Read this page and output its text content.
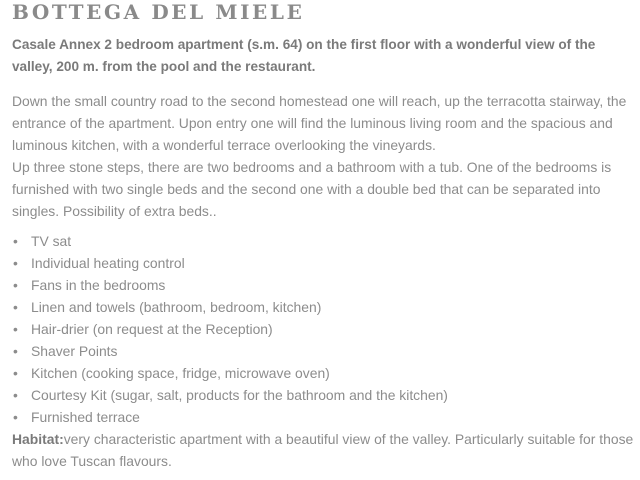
BOTTEGA DEL MIELE

Casale Annex 2 bedroom apartment (s.m. 64) on the first floor with a wonderful view of the valley, 200 m. from the pool and the restaurant.

Down the small country road to the second homestead one will reach, up the terracotta stairway, the entrance of the apartment. Upon entry one will find the luminous living room and the spacious and luminous kitchen, with a wonderful terrace overlooking the vineyards.
Up three stone steps, there are two bedrooms and a bathroom with a tub. One of the bedrooms is furnished with two single beds and the second one with a double bed that can be separated into singles. Possibility of extra beds..
• TV sat
• Individual heating control
• Fans in the bedrooms
• Linen and towels (bathroom, bedroom, kitchen)
• Hair-drier (on request at the Reception)
• Shaver Points
• Kitchen (cooking space, fridge, microwave oven)
• Courtesy Kit (sugar, salt, products for the bathroom and the kitchen)
• Furnished terrace

Habitat:very characteristic apartment with a beautiful view of the valley. Particularly suitable for those who love Tuscan flavours.
